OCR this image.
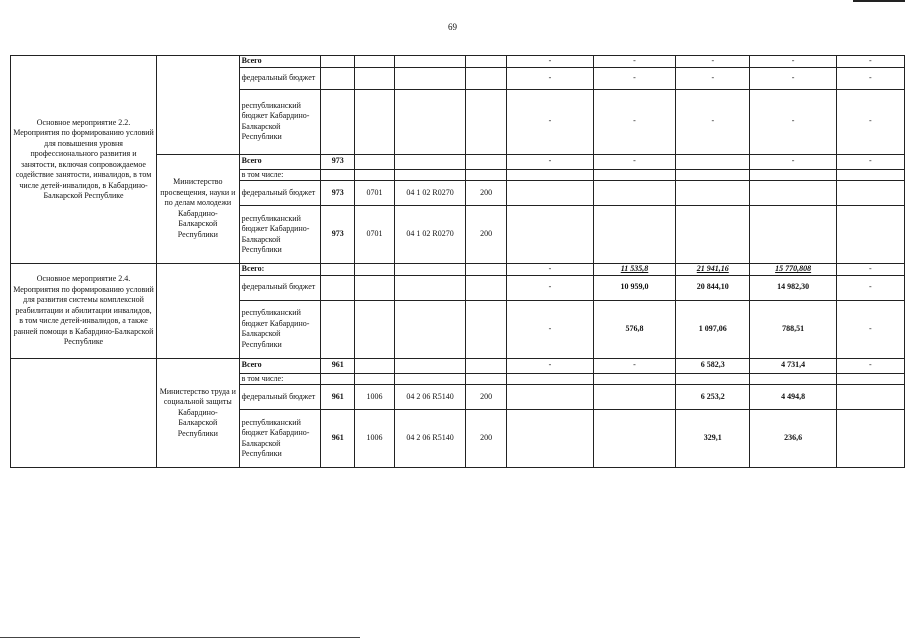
69
Основное мероприятие 2.2.
Мероприятия по формированию условий для повышения уровня профессионального развития и занятости, включая сопровождаемое содействие занятости, инвалидов, в том числе детей-инвалидов, в Кабардино-Балкарской Республике		Всего					-	-	-	-	-
		федеральный бюджет					-	-	-	-	-
		республиканский бюджет Кабардино-Балкарской Республики					-	-	-	-	-
	Министерство просвещения, науки и по делам молодежи Кабардино-Балкарской Республики	Всего	973				-	-		-	-
		в том числе:									
		федеральный бюджет	973	0701	04 1 02 R0270	200					
		республиканский бюджет Кабардино-Балкарской Республики	973	0701	04 1 02 R0270	200					
Основное мероприятие 2.4.
Мероприятия по формированию условий для развития системы комплексной реабилитации и абилитации инвалидов, в том числе детей-инвалидов, а также ранней помощи в Кабардино-Балкарской Республике		Всего:					-	11 535,8	21 941,16	15 770,808	-
		федеральный бюджет					-	10 959,0	20 844,10	14 982,30	-
		республиканский бюджет Кабардино-Балкарской Республики					-	576,8	1 097,06	788,51	-
	Министерство труда и социальной защиты Кабардино-Балкарской Республики	Всего	961				-	-	6 582,3	4 731,4	-
		в том числе:									
		федеральный бюджет	961	1006	04 2 06 R5140	200			6 253,2	4 494,8	
		республиканский бюджет Кабардино-Балкарской Республики	961	1006	04 2 06 R5140	200			329,1	236,6	
